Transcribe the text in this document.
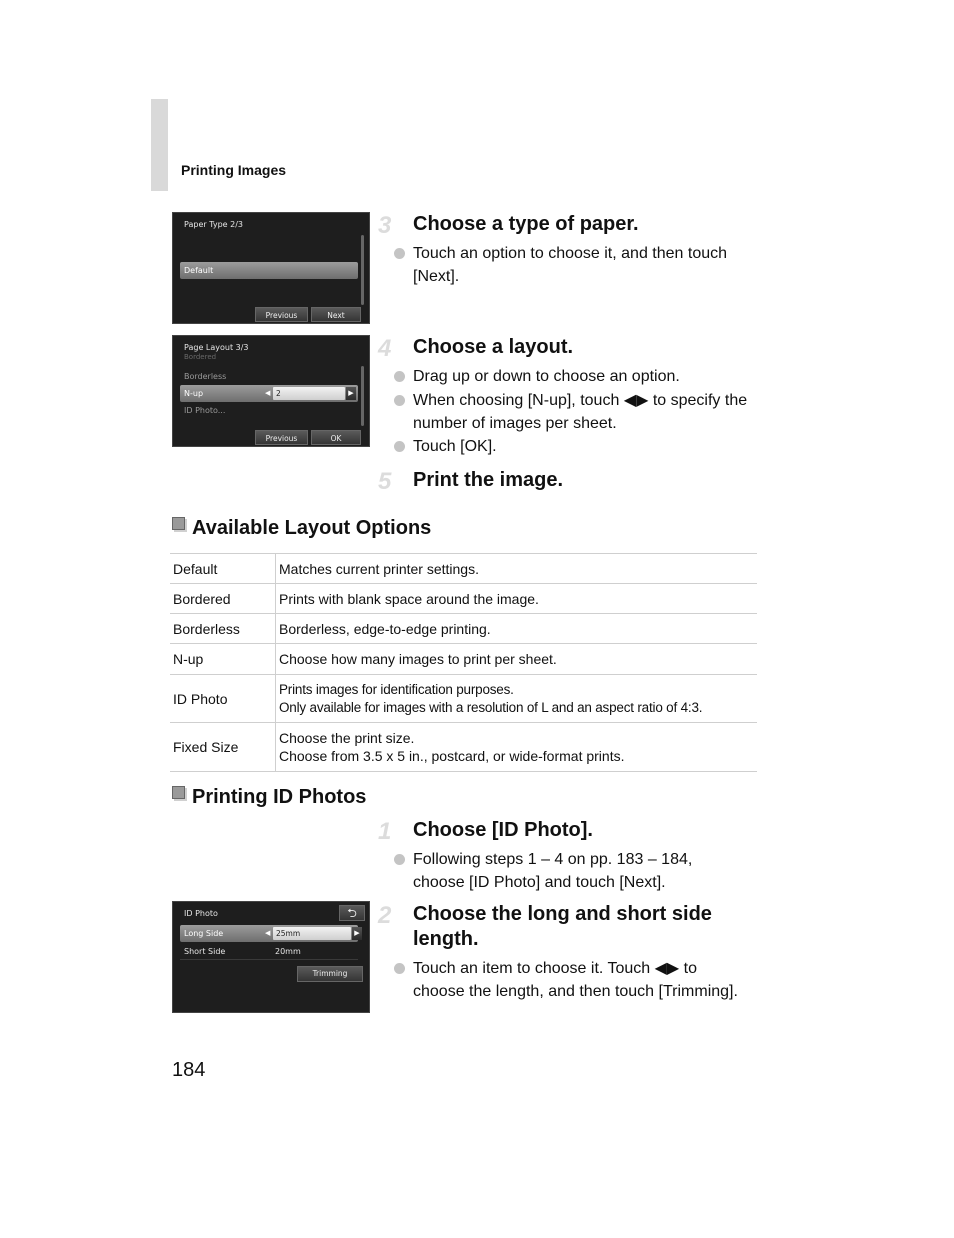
Printing Images
Paper Type 2/3
Default
Previous	Next
Page Layout 3/3
Bordered
Borderless
N-up	◀ 2	▶
ID Photo...
Previous	OK
3 Choose a type of paper.
Touch an option to choose it, and then touch [Next].
4 Choose a layout.
Drag up or down to choose an option.
When choosing [N-up], touch ◀▶ to specify the number of images per sheet.
Touch [OK].
5 Print the image.
Available Layout Options
Default	Matches current printer settings.

Bordered	Prints with blank space around the image.

Borderless	Borderless, edge-to-edge printing.

N-up	Choose how many images to print per sheet.

ID Photo	Prints images for identification purposes.
Only available for images with a resolution of L and an aspect ratio of 4:3.

Fixed Size	Choose the print size.
Choose from 3.5 x 5 in., postcard, or wide-format prints.
Printing ID Photos
1 Choose [ID Photo].
Following steps 1 – 4 on pp. 183 – 184, choose [ID Photo] and touch [Next].
ID Photo	⮌
Long Side	◀ 25mm	▶
Short Side	20mm
Trimming
2 Choose the long and short side length.
Touch an item to choose it. Touch ◀▶ to choose the length, and then touch [Trimming].
184
